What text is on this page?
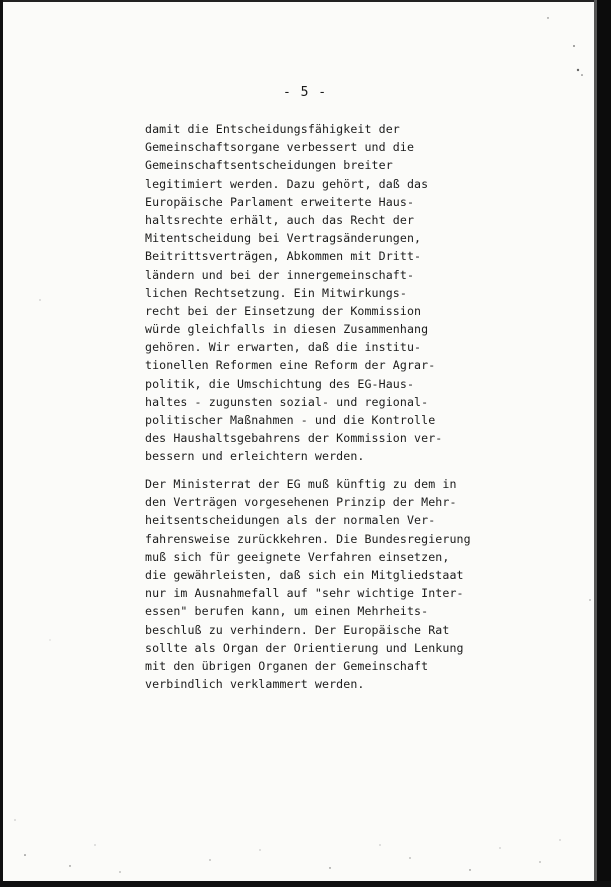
- 5 -
damit die Entscheidungsfähigkeit der
Gemeinschaftsorgane verbessert und die
Gemeinschaftsentscheidungen breiter
legitimiert werden. Dazu gehört, daß das
Europäische Parlament erweiterte Haus-
haltsrechte erhält, auch das Recht der
Mitentscheidung bei Vertragsänderungen,
Beitrittsverträgen, Abkommen mit Dritt-
ländern und bei der innergemeinschaft-
lichen Rechtsetzung. Ein Mitwirkungs-
recht bei der Einsetzung der Kommission
würde gleichfalls in diesen Zusammenhang
gehören. Wir erwarten, daß die institu-
tionellen Reformen eine Reform der Agrar-
politik, die Umschichtung des EG-Haus-
haltes - zugunsten sozial- und regional-
politischer Maßnahmen - und die Kontrolle
des Haushaltsgebahrens der Kommission ver-
bessern und erleichtern werden.
Der Ministerrat der EG muß künftig zu dem in
den Verträgen vorgesehenen Prinzip der Mehr-
heitsentscheidungen als der normalen Ver-
fahrensweise zurückkehren. Die Bundesregierung
muß sich für geeignete Verfahren einsetzen,
die gewährleisten, daß sich ein Mitgliedstaat
nur im Ausnahmefall auf "sehr wichtige Inter-
essen" berufen kann, um einen Mehrheits-
beschluß zu verhindern. Der Europäische Rat
sollte als Organ der Orientierung und Lenkung
mit den übrigen Organen der Gemeinschaft
verbindlich verklammert werden.
